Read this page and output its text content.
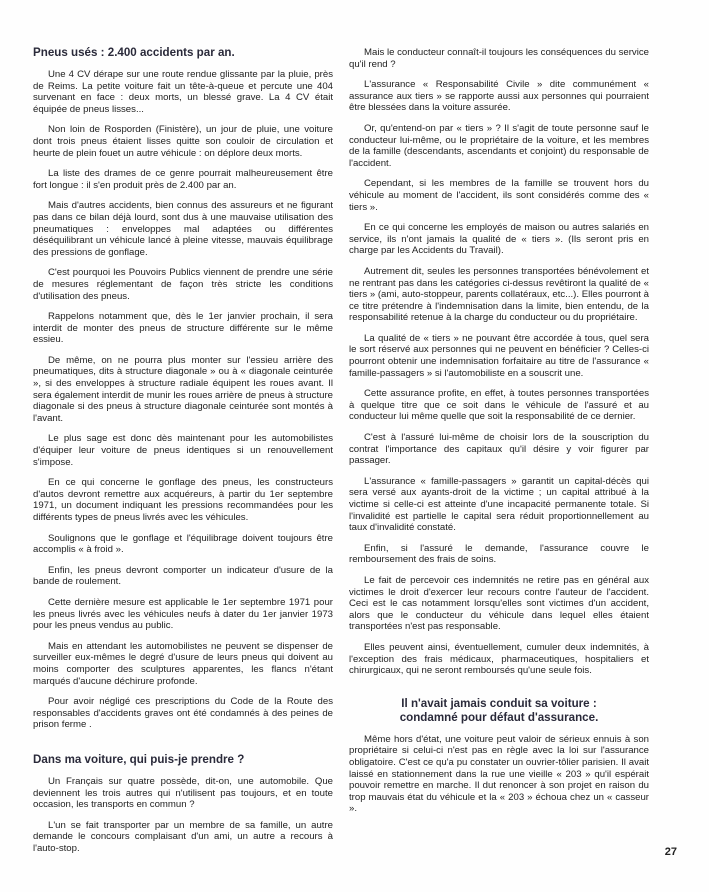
Pneus usés : 2.400 accidents par an.

Une 4 CV dérape sur une route rendue glissante par la pluie, près de Reims. La petite voiture fait un tête-à-queue et percute une 404 survenant en face : deux morts, un blessé grave. La 4 CV était équipée de pneus lisses...

Non loin de Rosporden (Finistère), un jour de pluie, une voiture dont trois pneus étaient lisses quitte son couloir de circulation et heurte de plein fouet un autre véhicule : on déplore deux morts.

La liste des drames de ce genre pourrait malheureusement être fort longue : il s'en produit près de 2.400 par an.

Mais d'autres accidents, bien connus des assureurs et ne figurant pas dans ce bilan déjà lourd, sont dus à une mauvaise utilisation des pneumatiques : enveloppes mal adaptées ou différentes déséquilibrant un véhicule lancé à pleine vitesse, mauvais équilibrage des pressions de gonflage.

C'est pourquoi les Pouvoirs Publics viennent de prendre une série de mesures réglementant de façon très stricte les conditions d'utilisation des pneus.

Rappelons notamment que, dès le 1er janvier prochain, il sera interdit de monter des pneus de structure différente sur le même essieu.

De même, on ne pourra plus monter sur l'essieu arrière des pneumatiques, dits à structure diagonale » ou à « diagonale ceinturée », si des enveloppes à structure radiale équipent les roues avant. Il sera également interdit de munir les roues arrière de pneus à structure diagonale si des pneus à structure diagonale ceinturée sont montés à l'avant.

Le plus sage est donc dès maintenant pour les automobilistes d'équiper leur voiture de pneus identiques si un renouvellement s'impose.

En ce qui concerne le gonflage des pneus, les constructeurs d'autos devront remettre aux acquéreurs, à partir du 1er septembre 1971, un document indiquant les pressions recommandées pour les différents types de pneus livrés avec les véhicules.

Soulignons que le gonflage et l'équilibrage doivent toujours être accomplis « à froid ».

Enfin, les pneus devront comporter un indicateur d'usure de la bande de roulement.

Cette dernière mesure est applicable le 1er septembre 1971 pour les pneus livrés avec les véhicules neufs à dater du 1er janvier 1973 pour les pneus vendus au public.

Mais en attendant les automobilistes ne peuvent se dispenser de surveiller eux-mêmes le degré d'usure de leurs pneus qui doivent au moins comporter des sculptures apparentes, les flancs n'étant marqués d'aucune déchirure profonde.

Pour avoir négligé ces prescriptions du Code de la Route des responsables d'accidents graves ont été condamnés à des peines de prison ferme .

Dans ma voiture, qui puis-je prendre ?

Un Français sur quatre possède, dit-on, une automobile. Que deviennent les trois autres qui n'utilisent pas toujours, et en toute occasion, les transports en commun ?

L'un se fait transporter par un membre de sa famille, un autre demande le concours complaisant d'un ami, un autre a recours à l'auto-stop.

Mais le conducteur connaît-il toujours les conséquences du service qu'il rend ?

L'assurance « Responsabilité Civile » dite communément « assurance aux tiers » se rapporte aussi aux personnes qui pourraient être blessées dans la voiture assurée.

Or, qu'entend-on par « tiers » ? Il s'agit de toute personne sauf le conducteur lui-même, ou le propriétaire de la voiture, et les membres de la famille (descendants, ascendants et conjoint) du responsable de l'accident.

Cependant, si les membres de la famille se trouvent hors du véhicule au moment de l'accident, ils sont considérés comme des « tiers ».

En ce qui concerne les employés de maison ou autres salariés en service, ils n'ont jamais la qualité de « tiers ». (Ils seront pris en charge par les Accidents du Travail).

Autrement dit, seules les personnes transportées bénévolement et ne rentrant pas dans les catégories ci-dessus revêtiront la qualité de « tiers » (ami, auto-stoppeur, parents collatéraux, etc...). Elles pourront à ce titre prétendre à l'indemnisation dans la limite, bien entendu, de la responsabilité retenue à la charge du conducteur ou du propriétaire.

La qualité de « tiers » ne pouvant être accordée à tous, quel sera le sort réservé aux personnes qui ne peuvent en bénéficier ? Celles-ci pourront obtenir une indemnisation forfaitaire au titre de l'assurance « famille-passagers » si l'automobiliste en a souscrit une.

Cette assurance profite, en effet, à toutes personnes transportées à quelque titre que ce soit dans le véhicule de l'assuré et au conducteur lui même quelle que soit la responsabilité de ce dernier.

C'est à l'assuré lui-même de choisir lors de la souscription du contrat l'importance des capitaux qu'il désire y voir figurer par passager.

L'assurance « famille-passagers » garantit un capital-décès qui sera versé aux ayants-droit de la victime ; un capital attribué à la victime si celle-ci est atteinte d'une incapacité permanente totale. Si l'invalidité est partielle le capital sera réduit proportionnellement au taux d'invalidité constaté.

Enfin, si l'assuré le demande, l'assurance couvre le remboursement des frais de soins.

Le fait de percevoir ces indemnités ne retire pas en général aux victimes le droit d'exercer leur recours contre l'auteur de l'accident. Ceci est le cas notamment lorsqu'elles sont victimes d'un accident, alors que le conducteur du véhicule dans lequel elles étaient transportées n'est pas responsable.

Elles peuvent ainsi, éventuellement, cumuler deux indemnités, à l'exception des frais médicaux, pharmaceutiques, hospitaliers et chirurgicaux, qui ne seront remboursés qu'une seule fois.

Il n'avait jamais conduit sa voiture :
condamné pour défaut d'assurance.

Même hors d'état, une voiture peut valoir de sérieux ennuis à son propriétaire si celui-ci n'est pas en règle avec la loi sur l'assurance obligatoire. C'est ce qu'a pu constater un ouvrier-tôlier parisien. Il avait laissé en stationnement dans la rue une vieille « 203 » qu'il espérait pouvoir remettre en marche. Il dut renoncer à son projet en raison du trop mauvais état du véhicule et la « 203 » échoua chez un « casseur ».

27
